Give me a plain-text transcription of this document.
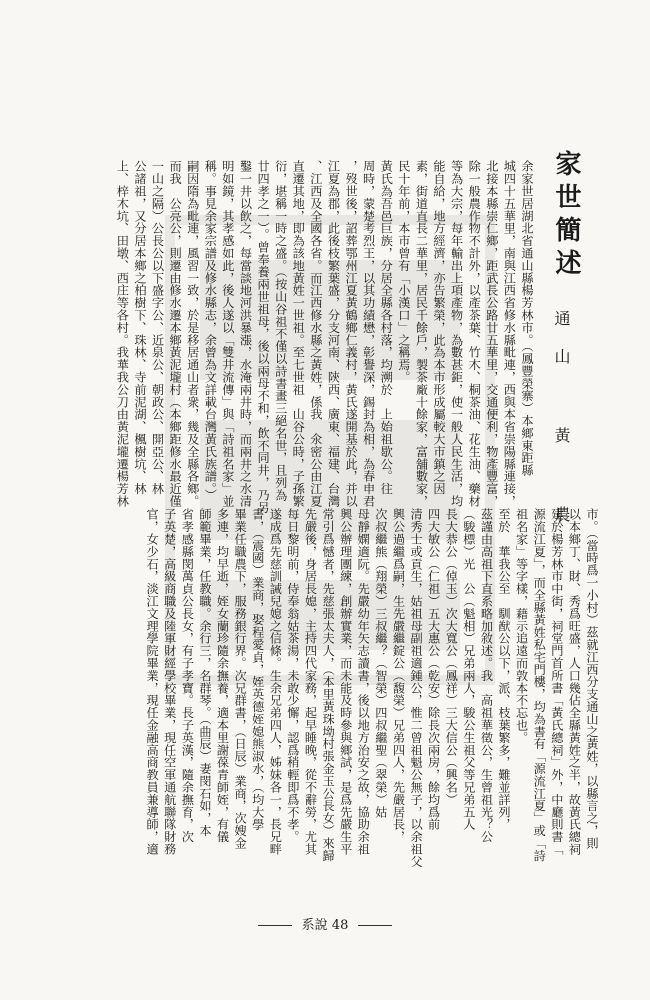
家世簡述
通山 黃 農
余家世居湖北省通山縣楊芳林市。（鳳豐榮寨）本鄉東距縣
城四十五華里，南與江西省修水縣毗連，西與本省崇陽縣連接，
北接本縣崇仁鄉，距武長公路廿五華里，交通便利，物產豐富，
除一般農作物不計外，以產茶葉、竹木、桐茶油、花生油、藥材
等為大宗，每年輸出上項產物，為數甚鉅，使一般人民生活，均
能自給，地方經濟，亦告繁榮，此為本市形成屬較大市鎮之因
素，街道直長二華里，居民千餘戶，製茶廠十餘家，富舖數家，
民十年前，本市曾有「小漢口」之稱焉。
黃氏為吾邑巨族，分居全縣各村落，均溯於　上始祖歇公。往
周時，蒙楚考烈王，以其功績懋，彰譽深，錫封為相，為春申君
，歿世後，詔葬鄂州江夏黃鶴鄉仁義村，黃氏遂開基於此，并以
江夏為郡，此後枝繁葉盛，分支河南、陝西、廣東、福建、台灣
、江西及全國各省。而江西修水縣之黃姓，係我　氽密公由江夏
直遷其地，即為該地黃姓一世祖。至七世祖　山谷公時，子孫繁
衍，堪稱一時之盛。（按山谷祖不僅以詩書畫三絕名世，且列為
廿四孝之一）。曾奉養兩世祖母，後以兩母不和，飲不同井，乃另
鑿一井以飲之，每當談地河洪暴漲，水淹兩井時，而兩井之水清
明如鏡，其孝感如此，後人遂以「雙井流傳」與「詩祖名家」並
稱。事見余家宗譜及修水縣志，余曾為文詳載台灣黃氏族譜。）
嗣因隋為毗連，風習一致，於是移居通山者衆，幾及全縣各鄉。
而我　公亮公，則遷由修水遷本鄉黃泥壠村（本鄉距修水最近僅
一山之隔）公長公以下盛字公、近泉公、朝政公、開亞公、林
公諸祖，又分居本鄉之柏樹下、珠林、寺前泥湖、楓樹坑、林
上、梓木坑、田墩、西庄等各村。我華我公刀由黃泥壠遷楊芳林
市。（當時爲一小村）茲就江西分支通山之黃姓，以縣言之，則
以本鄉丁、財、秀爲旺盛，人口幾佔全縣黃姓之半，故黃氏總祠
建於楊芳林市中街，祠堂門首所書「黃氏總祠」外，中廳則書「
源流江夏」，而全縣黃姓私宅門樓，均為書有「源流江夏」或「詩
祖名家」等字樣，藉示追遠而敦本不忘也。
至於　華我公至　馴猷公以下，派、枝葉繁多，難並詳列，
茲謹由高祖下直系略加敘述。我　高祖華徵公，生曾祖光？公
（駿標）光　公（魁相）兄弟兩人，駿公生祖父等兄弟五人
長大恭公（倬玉）次大寬公（鳳祥）三大信公（興名）
四大敏公（仁祖）五大惠公（乾安）除長次兩房，餘均爲前
清秀士或貢生，姑祖母副祖適鍾公，惟二曾祖魁公無子，以余祖父
興公過繼爲嗣，生先嚴繼錠公（馥榮）兄弟四人，先嚴居長，
次叔繼熊（翔榮）三叔繼？（智榮）四叔繼聖（翠榮）姑
母靜嫻適阮。先嚴幼年矢志讀書，後以地方治安之故，協助余祖
興公辦理團練，創辦實業，而未能及時參與鄉試，是爲先嚴生平
常引爲憾者，先慈張太夫人，（本里黃珠坳村張金玉公長女）來歸
先嚴後，身居長媳，主持四代家務，起早睡晚，從不辭勞，尤其
每日黎明前，侍奉翁姑茶湯，未敢少懈，認爲稍輕即爲不孝。
遂成爲先慈訓誡兒媳之信條。生余兄弟四人，姊妹各一，長兄畔
書，（震國）業商，娶程愛貞，姪英德姪媳熊淑水，（均大學
畢業任職農下，服務銀行界。次兄群書，（日辰）業商，次嫂金
多連，均早逝，姪女蘭珍隨余撫養，適本里謝葆青師姪，有儀
師範畢業，任教職。余行三，名群琴。（曲辰）妻閔石如，本
省孝感縣閔萬貞公長女，有子孝寶。長子英漢，隨余撫育，次
子英楚，高級商職及陸軍財經學校畢業，現任空軍通航聯隊財務
官，女少石，淡江文理學院畢業，現任金融高商教員兼導師，適
系說 48
